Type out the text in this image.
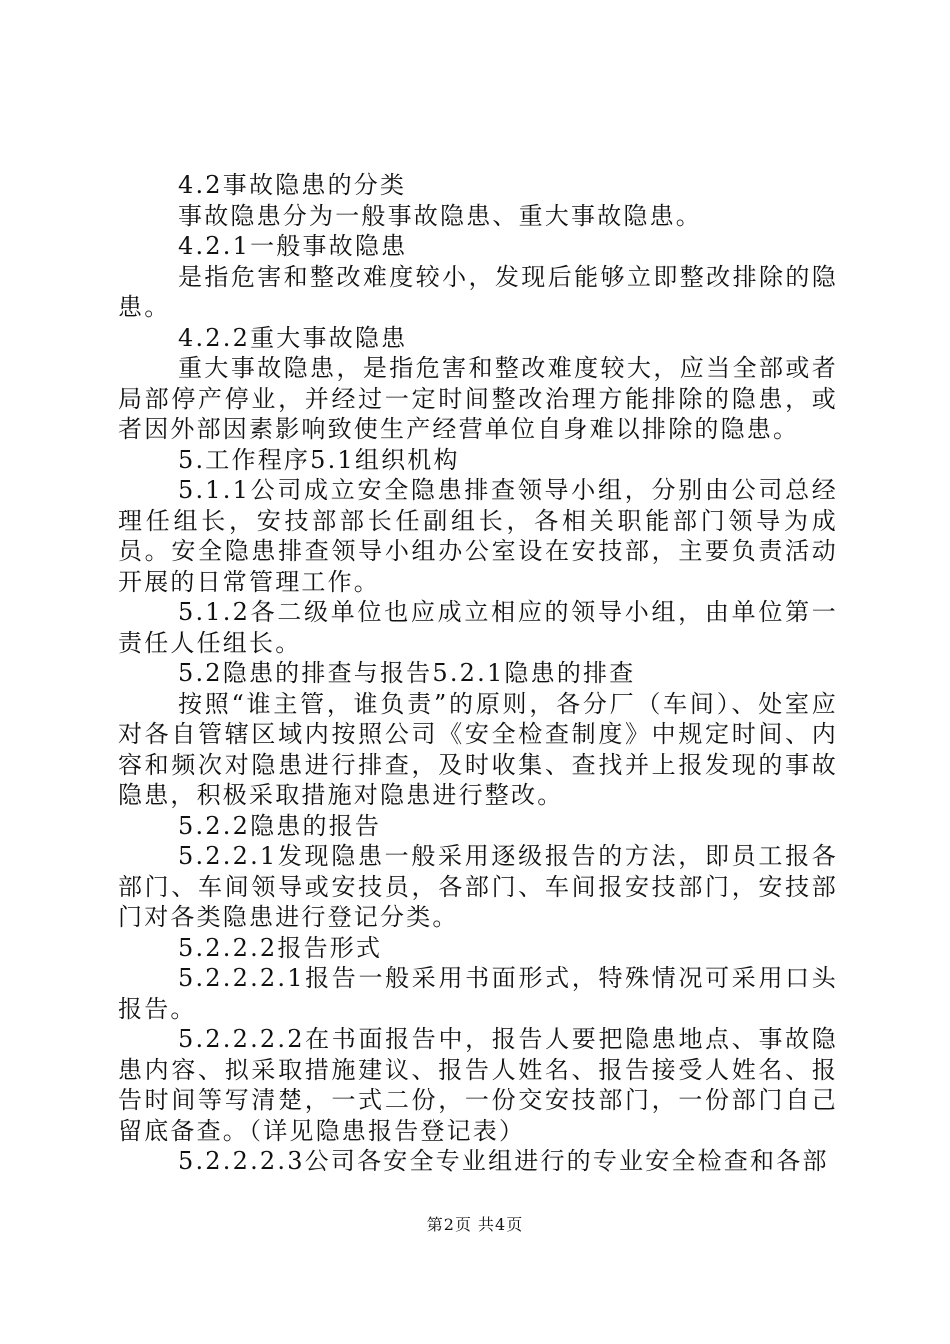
4.2事故隐患的分类

事故隐患分为一般事故隐患、重大事故隐患。

4.2.1一般事故隐患

是指危害和整改难度较小，发现后能够立即整改排除的隐患。

4.2.2重大事故隐患

重大事故隐患，是指危害和整改难度较大，应当全部或者局部停产停业，并经过一定时间整改治理方能排除的隐患，或者因外部因素影响致使生产经营单位自身难以排除的隐患。

5.工作程序5.1组织机构

5.1.1公司成立安全隐患排查领导小组，分别由公司总经理任组长，安技部部长任副组长，各相关职能部门领导为成员。安全隐患排查领导小组办公室设在安技部，主要负责活动开展的日常管理工作。

5.1.2各二级单位也应成立相应的领导小组，由单位第一责任人任组长。

5.2隐患的排查与报告5.2.1隐患的排查

按照“谁主管，谁负责”的原则，各分厂（车间）、处室应对各自管辖区域内按照公司《安全检查制度》中规定时间、内容和频次对隐患进行排查，及时收集、查找并上报发现的事故隐患，积极采取措施对隐患进行整改。

5.2.2隐患的报告

5.2.2.1发现隐患一般采用逐级报告的方法，即员工报各部门、车间领导或安技员，各部门、车间报安技部门，安技部门对各类隐患进行登记分类。

5.2.2.2报告形式

5.2.2.2.1报告一般采用书面形式，特殊情况可采用口头报告。

5.2.2.2.2在书面报告中，报告人要把隐患地点、事故隐患内容、拟采取措施建议、报告人姓名、报告接受人姓名、报告时间等写清楚，一式二份，一份交安技部门，一份部门自己留底备查。（详见隐患报告登记表）

5.2.2.2.3公司各安全专业组进行的专业安全检查和各部

第2页 共4页
